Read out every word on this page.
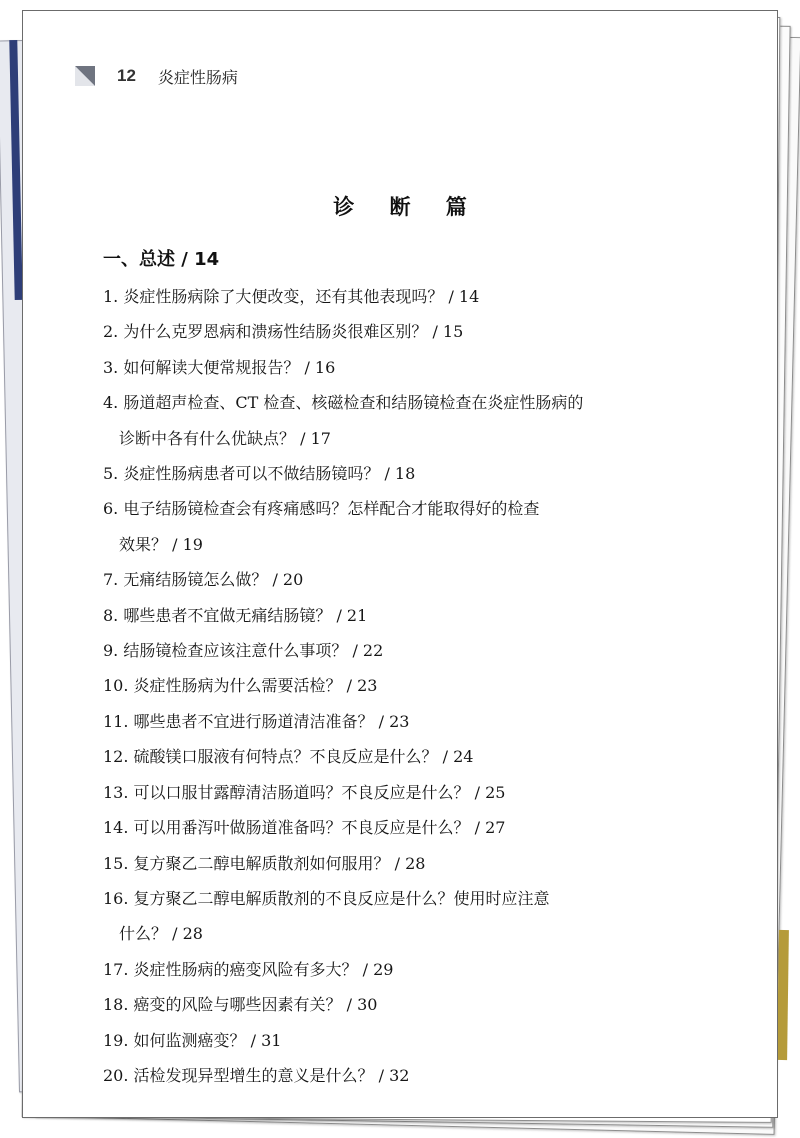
12 炎症性肠病
诊 断 篇
一、总述 / 14
1. 炎症性肠病除了大便改变，还有其他表现吗？ / 14
2. 为什么克罗恩病和溃疡性结肠炎很难区别？ / 15
3. 如何解读大便常规报告？ / 16
4. 肠道超声检查、CT 检查、核磁检查和结肠镜检查在炎症性肠病的
诊断中各有什么优缺点？ / 17
5. 炎症性肠病患者可以不做结肠镜吗？ / 18
6. 电子结肠镜检查会有疼痛感吗？怎样配合才能取得好的检查
效果？ / 19
7. 无痛结肠镜怎么做？ / 20
8. 哪些患者不宜做无痛结肠镜？ / 21
9. 结肠镜检查应该注意什么事项？ / 22
10. 炎症性肠病为什么需要活检？ / 23
11. 哪些患者不宜进行肠道清洁准备？ / 23
12. 硫酸镁口服液有何特点？不良反应是什么？ / 24
13. 可以口服甘露醇清洁肠道吗？不良反应是什么？ / 25
14. 可以用番泻叶做肠道准备吗？不良反应是什么？ / 27
15. 复方聚乙二醇电解质散剂如何服用？ / 28
16. 复方聚乙二醇电解质散剂的不良反应是什么？使用时应注意
什么？ / 28
17. 炎症性肠病的癌变风险有多大？ / 29
18. 癌变的风险与哪些因素有关？ / 30
19. 如何监测癌变？ / 31
20. 活检发现异型增生的意义是什么？ / 32
